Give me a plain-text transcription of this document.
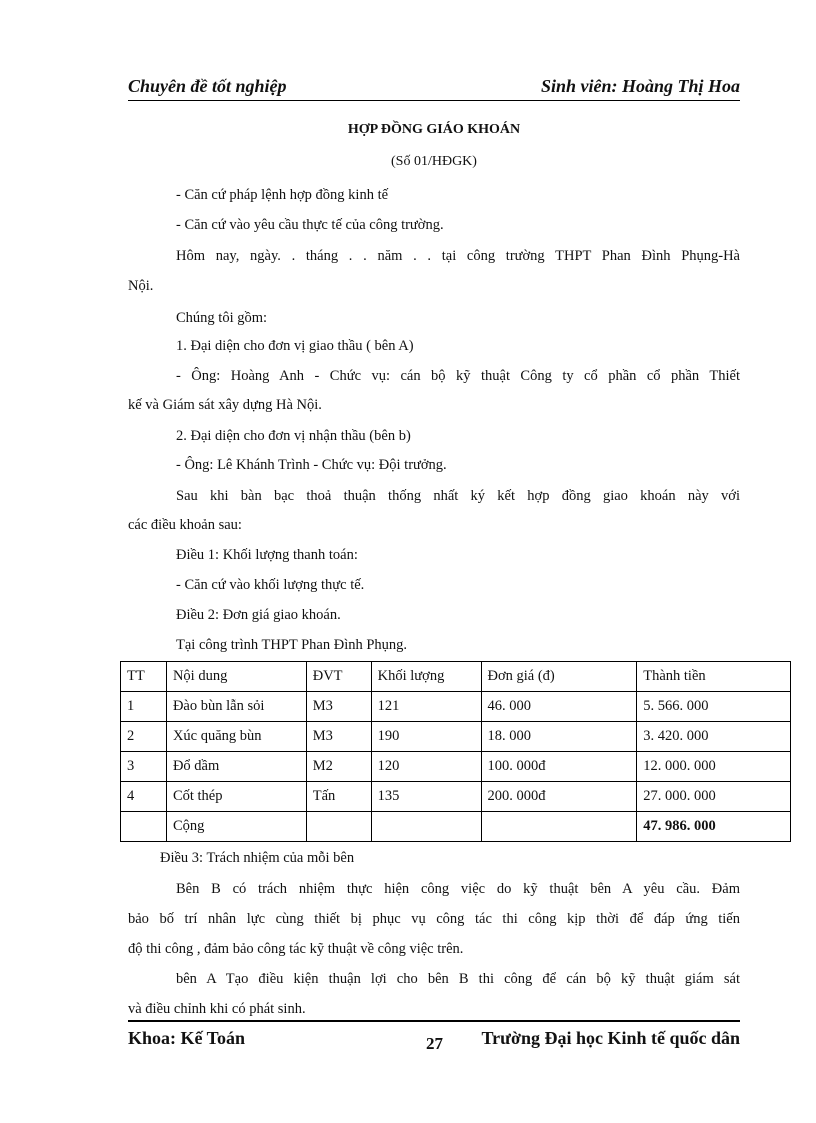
Chuyên đề tốt nghiệp	Sinh viên: Hoàng Thị Hoa
HỢP ĐỒNG GIÁO KHOÁN
(Số 01/HĐGK)
- Căn cứ pháp lệnh hợp đồng kinh tế
- Căn cứ vào yêu cầu thực tế của công trường.
Hôm nay, ngày. . tháng . . năm . . tại công trường THPT Phan Đình Phụng-Hà
Nội.
Chúng tôi gồm:
1. Đại diện cho đơn vị giao thầu ( bên A)
- Ông: Hoàng Anh - Chức vụ: cán bộ kỹ thuật Công ty cổ phần cổ phần Thiết
kế và Giám sát xây dựng Hà Nội.
2. Đại diện cho đơn vị nhận thầu (bên b)
- Ông: Lê Khánh Trình - Chức vụ: Đội trưởng.
Sau khi bàn bạc thoả thuận thống nhất ký kết hợp đồng giao khoán này với
các điều khoản sau:
Điều 1: Khối lượng thanh toán:
- Căn cứ vào khối lượng thực tế.
Điều 2: Đơn giá giao khoán.
Tại công trình THPT Phan Đình Phụng.
TT	Nội dung	ĐVT	Khối lượng	Đơn giá (đ)	Thành tiền
1	Đào bùn lẫn sỏi	M3	121	46. 000	5. 566. 000
2	Xúc quăng bùn	M3	190	18. 000	3. 420. 000
3	Đổ dầm	M2	120	100. 000đ	12. 000. 000
4	Cốt thép	Tấn	135	200. 000đ	27. 000. 000
	Cộng				47. 986. 000
Điều 3: Trách nhiệm của mỗi bên
Bên B có trách nhiệm thực hiện công việc do kỹ thuật bên A yêu cầu. Đảm
bảo bố trí nhân lực cùng thiết bị phục vụ công tác thi công kịp thời để đáp ứng tiến
độ thi công , đảm bảo công tác kỹ thuật về công việc trên.
bên A Tạo điều kiện thuận lợi cho bên B thi công để cán bộ kỹ thuật giám sát
và điều chỉnh khi có phát sinh.
Khoa: Kế Toán	27 Trường Đại học Kinh tế quốc dân
